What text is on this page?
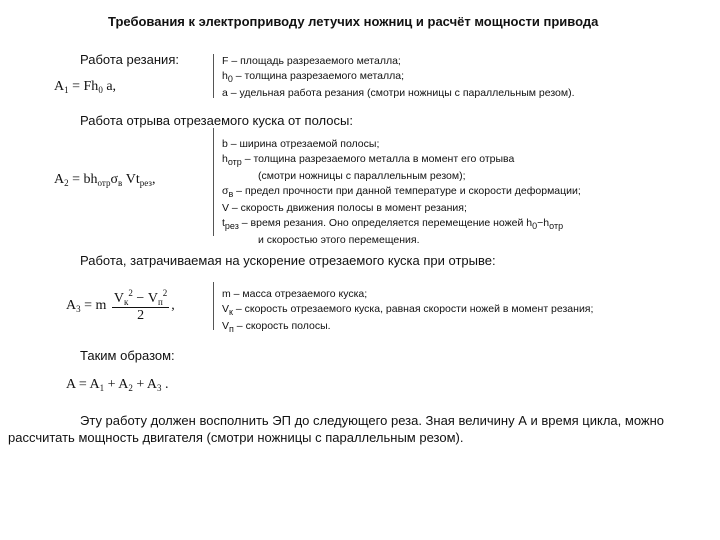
Требования к электроприводу летучих ножниц и расчёт мощности привода
Работа резания:
$A_1 = Fh_0$ a,
F – площадь разрезаемого металла;
h0 – толщина разрезаемого металла;
a – удельная работа резания (смотри ножницы с параллельным резом).
Работа отрыва отрезаемого куска от полосы:
$A_2 = bh_{отр}\sigma_в$ $Vt_{рез}$,
b – ширина отрезаемой полосы;
hотр – толщина разрезаемого металла в момент его отрыва
(смотри ножницы с параллельным резом);
σв – предел прочности при данной температуре и скорости деформации;
V – скорость движения полосы в момент резания;
tрез – время резания. Оно определяется перемещение ножей h0−hотр
и скоростью этого перемещения.
Работа, затрачиваемая на ускорение отрезаемого куска при отрыве:
$A_3 = m \frac{V_к^2 - V_п^2}{2}$ ,
m – масса отрезаемого куска;
Vк – скорость отрезаемого куска, равная скорости ножей в момент резания;
Vп – скорость полосы.
Таким образом:
$A = A_1 + A_2 + A_3$ .
Эту работу должен восполнить ЭП до следующего реза. Зная величину А и время цикла, можно
рассчитать мощность двигателя (смотри ножницы с параллельным резом).
